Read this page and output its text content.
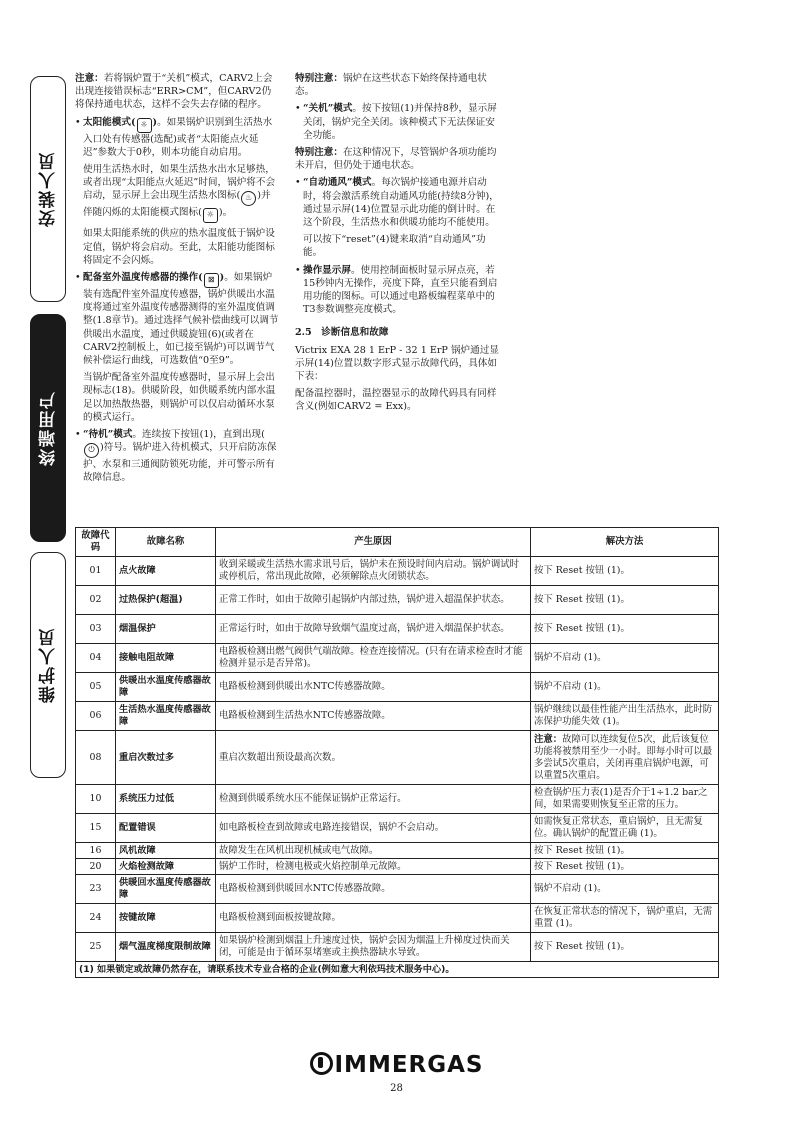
安装人员
终端用户
维护人员

注意：若将锅炉置于“关机”模式，CARV2上会出现连接错误标志“ERR>CM”，但CARV2仍将保持通电状态，这样不会失去存储的程序。

• 太阳能模式( ☼ )。如果锅炉识别到生活热水入口处有传感器(选配)或者“太阳能点火延迟”参数大于0秒，则本功能自动启用。

使用生活热水时，如果生活热水出水足够热，或者出现“太阳能点火延迟”时间，锅炉将不会启动，显示屏上会出现生活热水图标( ♨ )并伴随闪烁的太阳能模式图标( ☼ )。

如果太阳能系统的供应的热水温度低于锅炉设定值，锅炉将会启动。至此，太阳能功能图标将固定不会闪烁。

• 配备室外温度传感器的操作( ⊠ )。如果锅炉装有选配件室外温度传感器，锅炉供暖出水温度将通过室外温度传感器测得的室外温度值调整(1.8章节)。通过选择气候补偿曲线可以调节供暖出水温度，通过供暖旋钮(6)(或者在CARV2控制板上，如已接至锅炉)可以调节气候补偿运行曲线，可选数值“0至9”。

当锅炉配备室外温度传感器时，显示屏上会出现标志(18)。供暖阶段，如供暖系统内部水温足以加热散热器，则锅炉可以仅启动循环水泵的模式运行。

• “待机”模式。连续按下按钮(1)，直到出现(⏻ )符号。锅炉进入待机模式，只开启防冻保护、水泵和三通阀防锁死功能，并可警示所有故障信息。

特别注意：锅炉在这些状态下始终保持通电状态。

• “关机”模式。按下按钮(1)并保持8秒，显示屏关闭，锅炉完全关闭。该种模式下无法保证安全功能。

特别注意：在这种情况下，尽管锅炉各项功能均未开启，但仍处于通电状态。

• “自动通风”模式。每次锅炉接通电源并启动时，将会激活系统自动通风功能(持续8分钟)，通过显示屏(14)位置显示此功能的倒计时。在这个阶段，生活热水和供暖功能均不能使用。

可以按下“reset”(4)键来取消“自动通风”功能。

• 操作显示屏。使用控制面板时显示屏点亮，若15秒钟内无操作，亮度下降，直至只能看到启用功能的图标。可以通过电路板编程菜单中的T3参数调整亮度模式。

2.5　诊断信息和故障

Victrix EXA 28 1 ErP - 32 1 ErP 锅炉通过显示屏(14)位置以数字形式显示故障代码，具体如下表：

配备温控器时，温控器显示的故障代码具有同样含义(例如CARV2 = Exx)。

故障代码	故障名称	产生原因	解决方法
01	点火故障	收到采暖或生活热水需求讯号后，锅炉未在预设时间内启动。锅炉调试时或停机后，常出现此故障，必须解除点火闭锁状态。	按下 Reset 按钮 (1)。
02	过热保护(超温)	正常工作时，如由于故障引起锅炉内部过热，锅炉进入超温保护状态。	按下 Reset 按钮 (1)。
03	烟温保护	正常运行时，如由于故障导致烟气温度过高，锅炉进入烟温保护状态。	按下 Reset 按钮 (1)。
04	接触电阻故障	电路板检测出燃气阀供气端故障。检查连接情况。(只有在请求检查时才能检测并显示是否异常)。	锅炉不启动 (1)。
05	供暖出水温度传感器故障	电路板检测到供暖出水NTC传感器故障。	锅炉不启动 (1)。
06	生活热水温度传感器故障	电路板检测到生活热水NTC传感器故障。	锅炉继续以最佳性能产出生活热水，此时防冻保护功能失效 (1)。
08	重启次数过多	重启次数超出预设最高次数。	注意：故障可以连续复位5次，此后该复位功能将被禁用至少一小时。即每小时可以最多尝试5次重启，关闭再重启锅炉电源，可以重置5次重启。
10	系统压力过低	检测到供暖系统水压不能保证锅炉正常运行。	检查锅炉压力表(1)是否介于1÷1.2 bar之间，如果需要则恢复至正常的压力。
15	配置错误	如电路板检查到故障或电路连接错误，锅炉不会启动。	如需恢复正常状态，重启锅炉，且无需复位。确认锅炉的配置正确 (1)。
16	风机故障	故障发生在风机出现机械或电气故障。	按下 Reset 按钮 (1)。
20	火焰检测故障	锅炉工作时，检测电极或火焰控制单元故障。	按下 Reset 按钮 (1)。
23	供暖回水温度传感器故障	电路板检测到供暖回水NTC传感器故障。	锅炉不启动 (1)。
24	按键故障	电路板检测到面板按键故障。	在恢复正常状态的情况下，锅炉重启，无需重置 (1)。
25	烟气温度梯度限制故障	如果锅炉检测到烟温上升速度过快，锅炉会因为烟温上升梯度过快而关闭，可能是由于循环泵堵塞或主换热器缺水导致。	按下 Reset 按钮 (1)。
(1) 如果锁定或故障仍然存在，请联系技术专业合格的企业(例如意大利依玛技术服务中心)。			
IMMERGAS
28
